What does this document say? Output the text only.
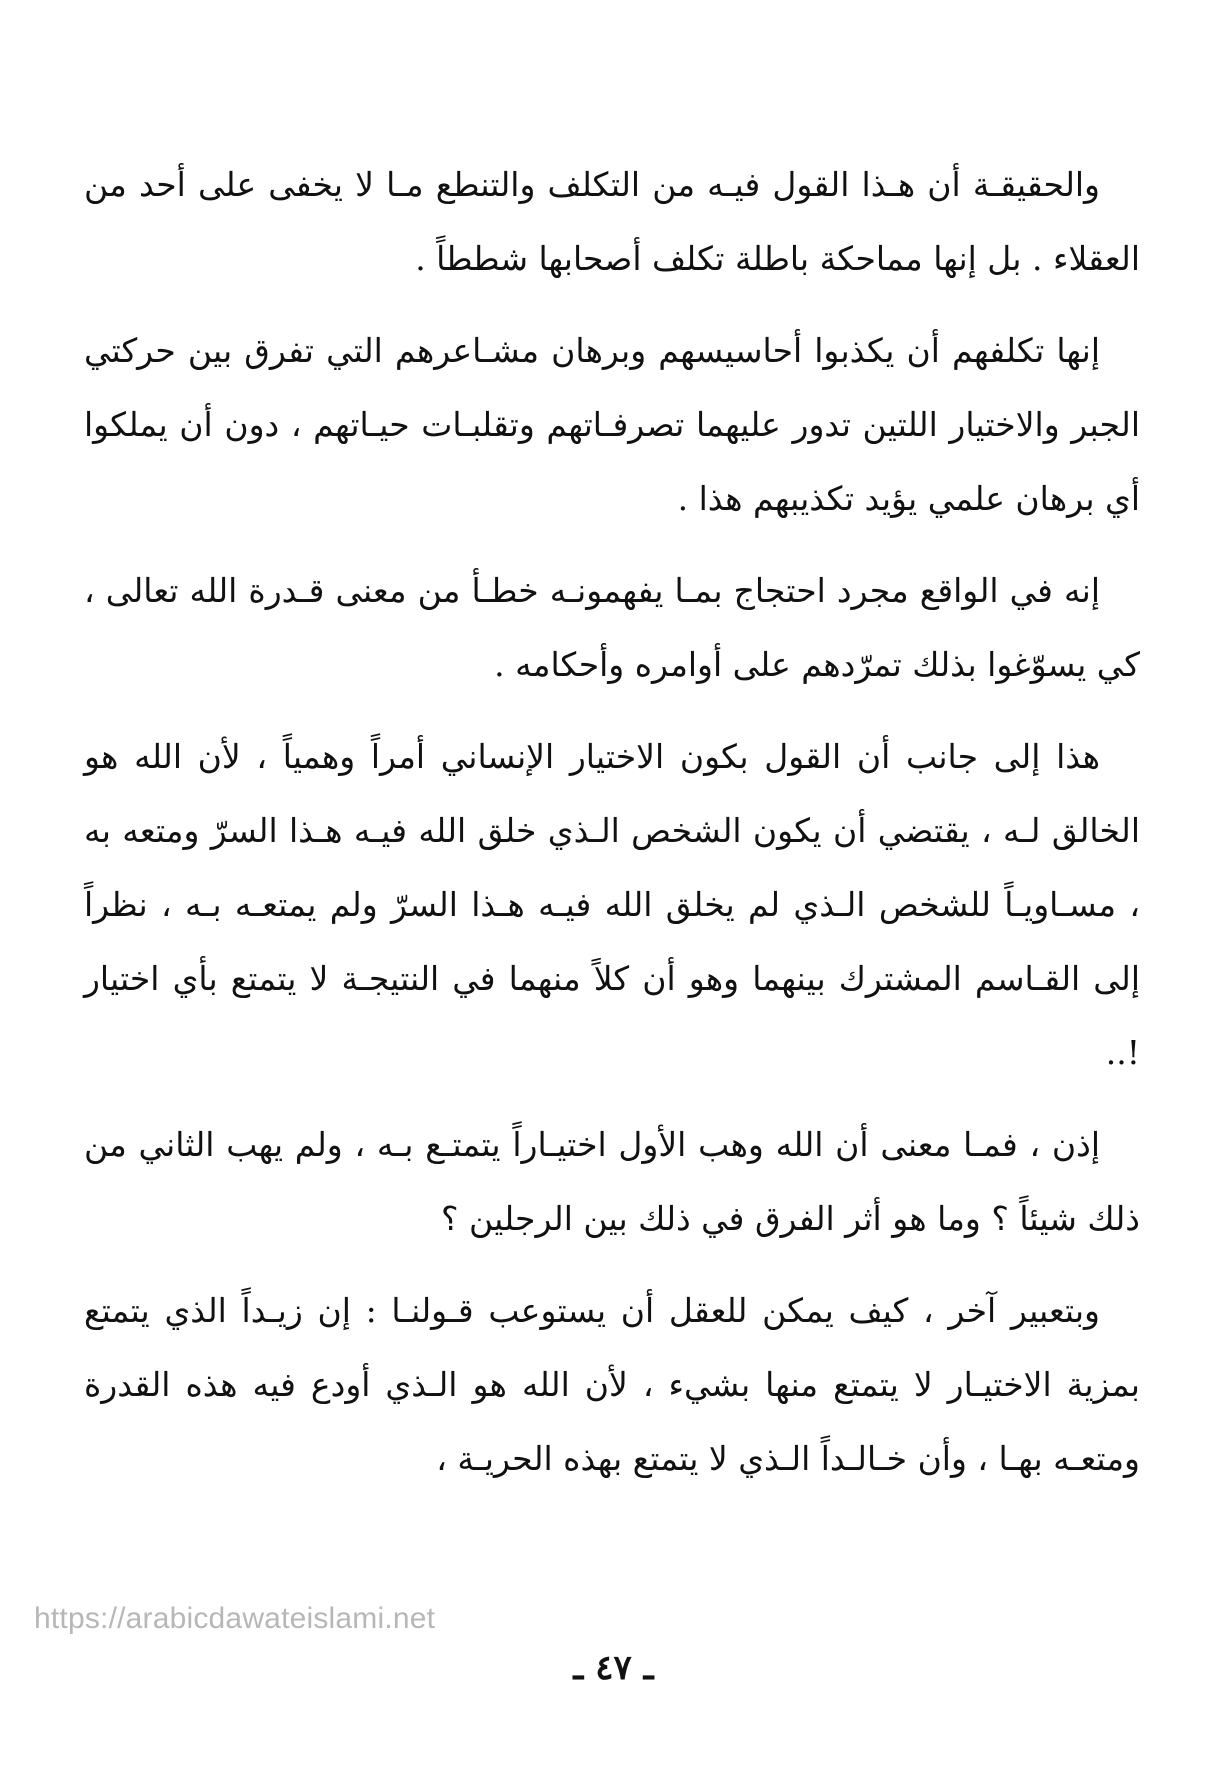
والحقيقـة أن هـذا القول فيـه من التكلف والتنطع مـا لا يخفى على أحد من العقلاء . بل إنها مماحكة باطلة تكلف أصحابها شططاً .

إنها تكلفهم أن يكذبوا أحاسيسهم وبرهان مشـاعرهم التي تفرق بين حركتي الجبر والاختيار اللتين تدور عليهما تصرفـاتهم وتقلبـات حيـاتهم ، دون أن يملكوا أي برهان علمي يؤيد تكذيبهم هذا .

إنه في الواقع مجرد احتجاج بمـا يفهمونـه خطـأ من معنى قـدرة الله تعالى ، كي يسوّغوا بذلك تمرّدهم على أوامره وأحكامه .

هذا إلى جانب أن القول بكون الاختيار الإنساني أمراً وهمياً ، لأن الله هو الخالق لـه ، يقتضي أن يكون الشخص الـذي خلق الله فيـه هـذا السرّ ومتعه به ، مسـاويـاً للشخص الـذي لم يخلق الله فيـه هـذا السرّ ولم يمتعـه بـه ، نظراً إلى القـاسم المشترك بينهما وهو أن كلاً منهما في النتيجـة لا يتمتع بأي اختيار !..

إذن ، فمـا معنى أن الله وهب الأول اختيـاراً يتمتـع بـه ، ولم يهب الثاني من ذلك شيئاً ؟ وما هو أثر الفرق في ذلك بين الرجلين ؟

وبتعبير آخر ، كيف يمكن للعقل أن يستوعب قـولنـا : إن زيـداً الذي يتمتع بمزية الاختيـار لا يتمتع منها بشيء ، لأن الله هو الـذي أودع فيه هذه القدرة ومتعـه بهـا ، وأن خـالـداً الـذي لا يتمتع بهذه الحريـة ،

https://arabicdawateislami.net
ـ ٤٧ ـ
